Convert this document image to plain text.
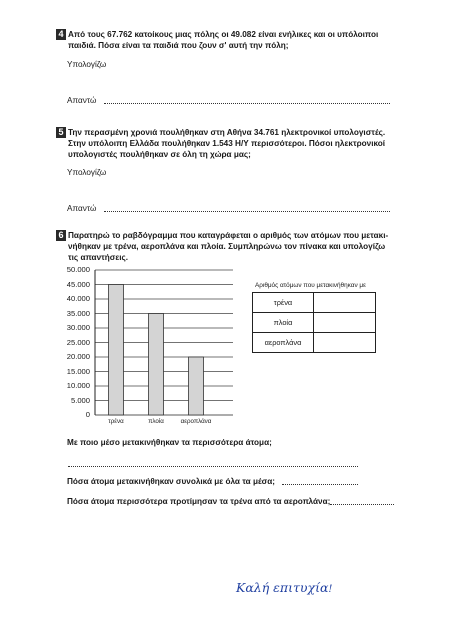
4 Από τους 67.762 κατοίκους μιας πόλης οι 49.082 είναι ενήλικες και οι υπόλοιποι
παιδιά. Πόσα είναι τα παιδιά που ζουν σ' αυτή την πόλη;
Υπολογίζω
Απαντώ
5 Την περασμένη χρονιά πουλήθηκαν στη Αθήνα 34.761 ηλεκτρονικοί υπολογιστές.
Στην υπόλοιπη Ελλάδα πουλήθηκαν 1.543 Η/Υ περισσότεροι. Πόσοι ηλεκτρονικοί
υπολογιστές πουλήθηκαν σε όλη τη χώρα μας;
Υπολογίζω
Απαντώ
6 Παρατηρώ το ραβδόγραμμα που καταγράφεται ο αριθμός των ατόμων που μετακι-
νήθηκαν με τρένα, αεροπλάνα και πλοία. Συμπληρώνω τον πίνακα και υπολογίζω
τις απαντήσεις.
0
5.000
10.000
15.000
20.000
25.000
30.000
35.000
40.000
45.000
50.000
τρένα	πλοία	αεροπλάνα
Αριθμός ατόμων που μετακινήθηκαν με
τρένα	
πλοία	
αεροπλάνα	
Με ποιο μέσο μετακινήθηκαν τα περισσότερα άτομα;
Πόσα άτομα μετακινήθηκαν συνολικά με όλα τα μέσα;
Πόσα άτομα περισσότερα προτίμησαν τα τρένα από τα αεροπλάνα;
Καλή επιτυχία!
